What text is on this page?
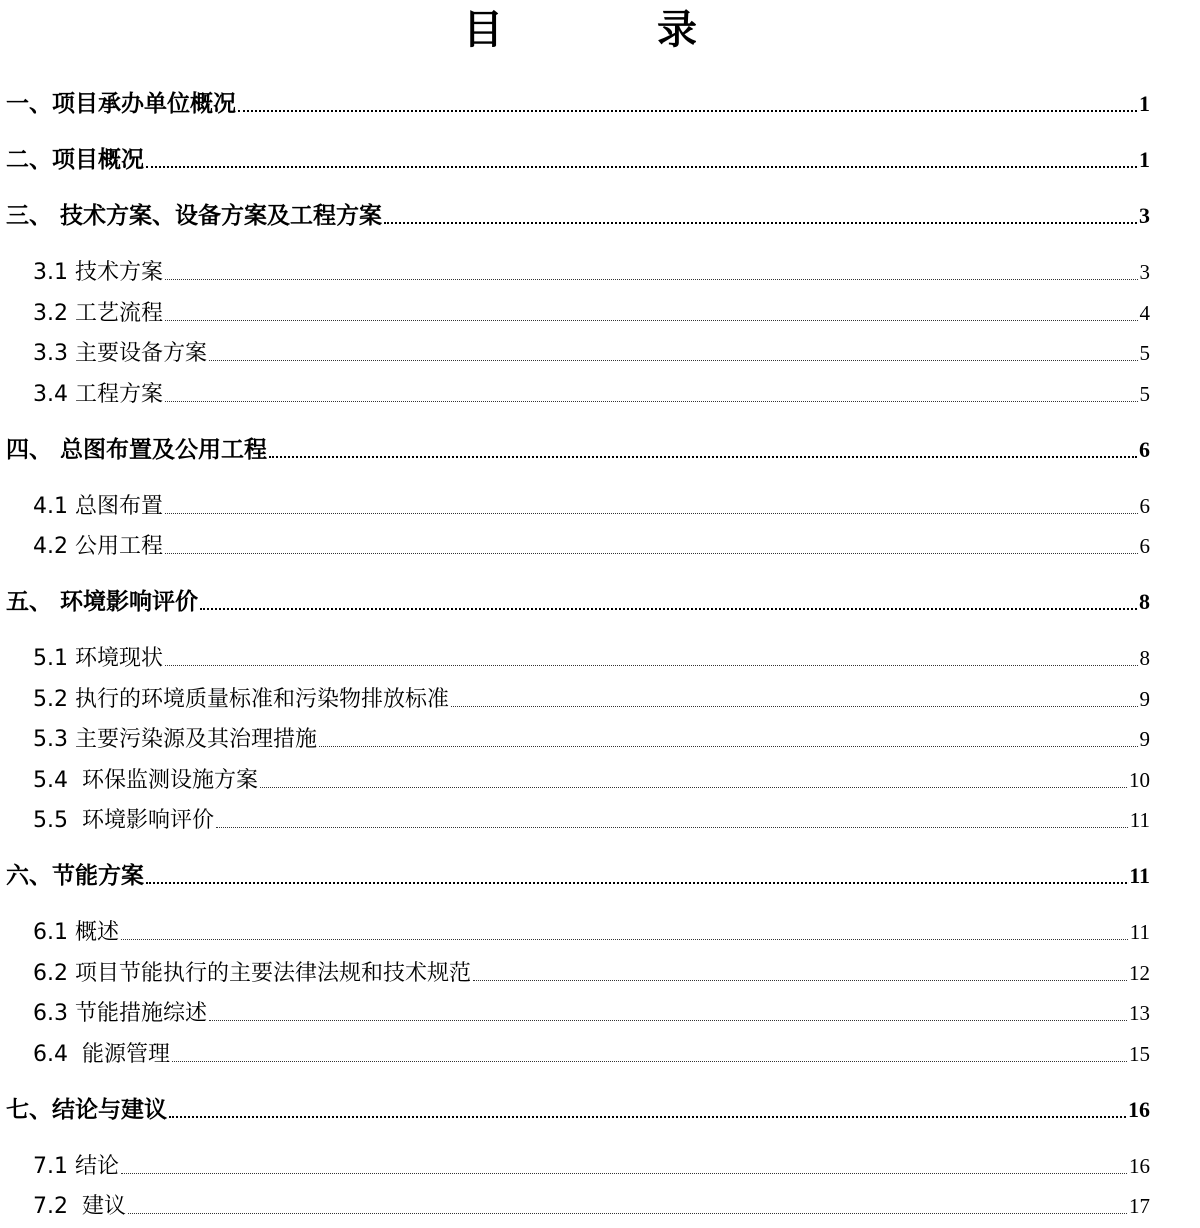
目 录
一、项目承办单位概况	1
二、项目概况	1
三、 技术方案、设备方案及工程方案	3
3.1 技术方案	3
3.2 工艺流程	4
3.3 主要设备方案	5
3.4 工程方案	5
四、 总图布置及公用工程	6
4.1 总图布置	6
4.2 公用工程	6
五、 环境影响评价	8
5.1 环境现状	8
5.2 执行的环境质量标准和污染物排放标准	9
5.3 主要污染源及其治理措施	9
5.4  环保监测设施方案	10
5.5  环境影响评价	11
六、节能方案	11
6.1 概述	11
6.2 项目节能执行的主要法律法规和技术规范	12
6.3 节能措施综述	13
6.4  能源管理	15
七、结论与建议	16
7.1 结论	16
7.2  建议	17
